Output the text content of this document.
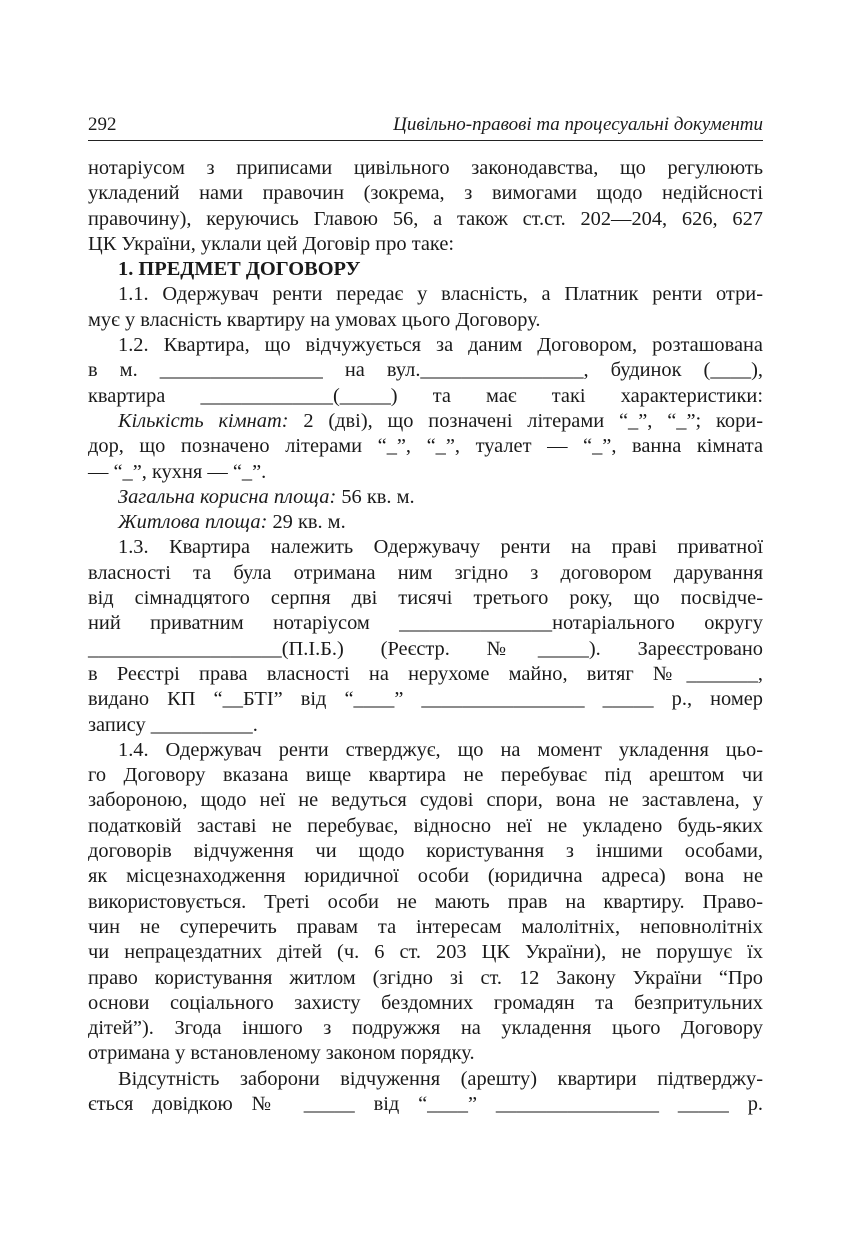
292	Цивільно-правові та процесуальні документи
нотаріусом з приписами цивільного законодавства, що регулюють
укладений нами правочин (зокрема, з вимогами щодо недійсності
правочину), керуючись Главою 56, а також ст.ст. 202—204, 626, 627
ЦК України, уклали цей Договір про таке:
1. ПРЕДМЕТ ДОГОВОРУ
1.1. Одержувач ренти передає у власність, а Платник ренти отри-
мує у власність квартиру на умовах цього Договору.
1.2. Квартира, що відчужується за даним Договором, розташована
в м. ________________ на вул.________________, будинок (____),
квартира _____________(_____) та має такі характеристики:
Кількість кімнат: 2 (дві), що позначені літерами “_”, “_”; кори-
дор, що позначено літерами “_”, “_”, туалет — “_”, ванна кімната
— “_”, кухня — “_”.
Загальна корисна площа: 56 кв. м.
Житлова площа: 29 кв. м.
1.3. Квартира належить Одержувачу ренти на праві приватної
власності та була отримана ним згідно з договором дарування
від сімнадцятого серпня дві тисячі третього року, що посвідче-
ний приватним нотаріусом _______________нотаріального округу
___________________(П.І.Б.) (Реєстр. №_____). Зареєстровано
в Реєстрі права власності на нерухоме майно, витяг №_______,
видано КП “__БТІ” від “____” ________________ _____ р., номер
запису __________.
1.4. Одержувач ренти стверджує, що на момент укладення цьо-
го Договору вказана вище квартира не перебуває під арештом чи
забороною, щодо неї не ведуться судові спори, вона не заставлена, у
податковій заставі не перебуває, відносно неї не укладено будь-яких
договорів відчуження чи щодо користування з іншими особами,
як місцезнаходження юридичної особи (юридична адреса) вона не
використовується. Треті особи не мають прав на квартиру. Право-
чин не суперечить правам та інтересам малолітніх, неповнолітніх
чи непрацездатних дітей (ч. 6 ст. 203 ЦК України), не порушує їх
право користування житлом (згідно зі ст. 12 Закону України “Про
основи соціального захисту бездомних громадян та безпритульних
дітей”). Згода іншого з подружжя на укладення цього Договору
отримана у встановленому законом порядку.
Відсутність заборони відчуження (арешту) квартири підтверджу-
ється довідкою № _____ від “____” ________________ _____ р.
